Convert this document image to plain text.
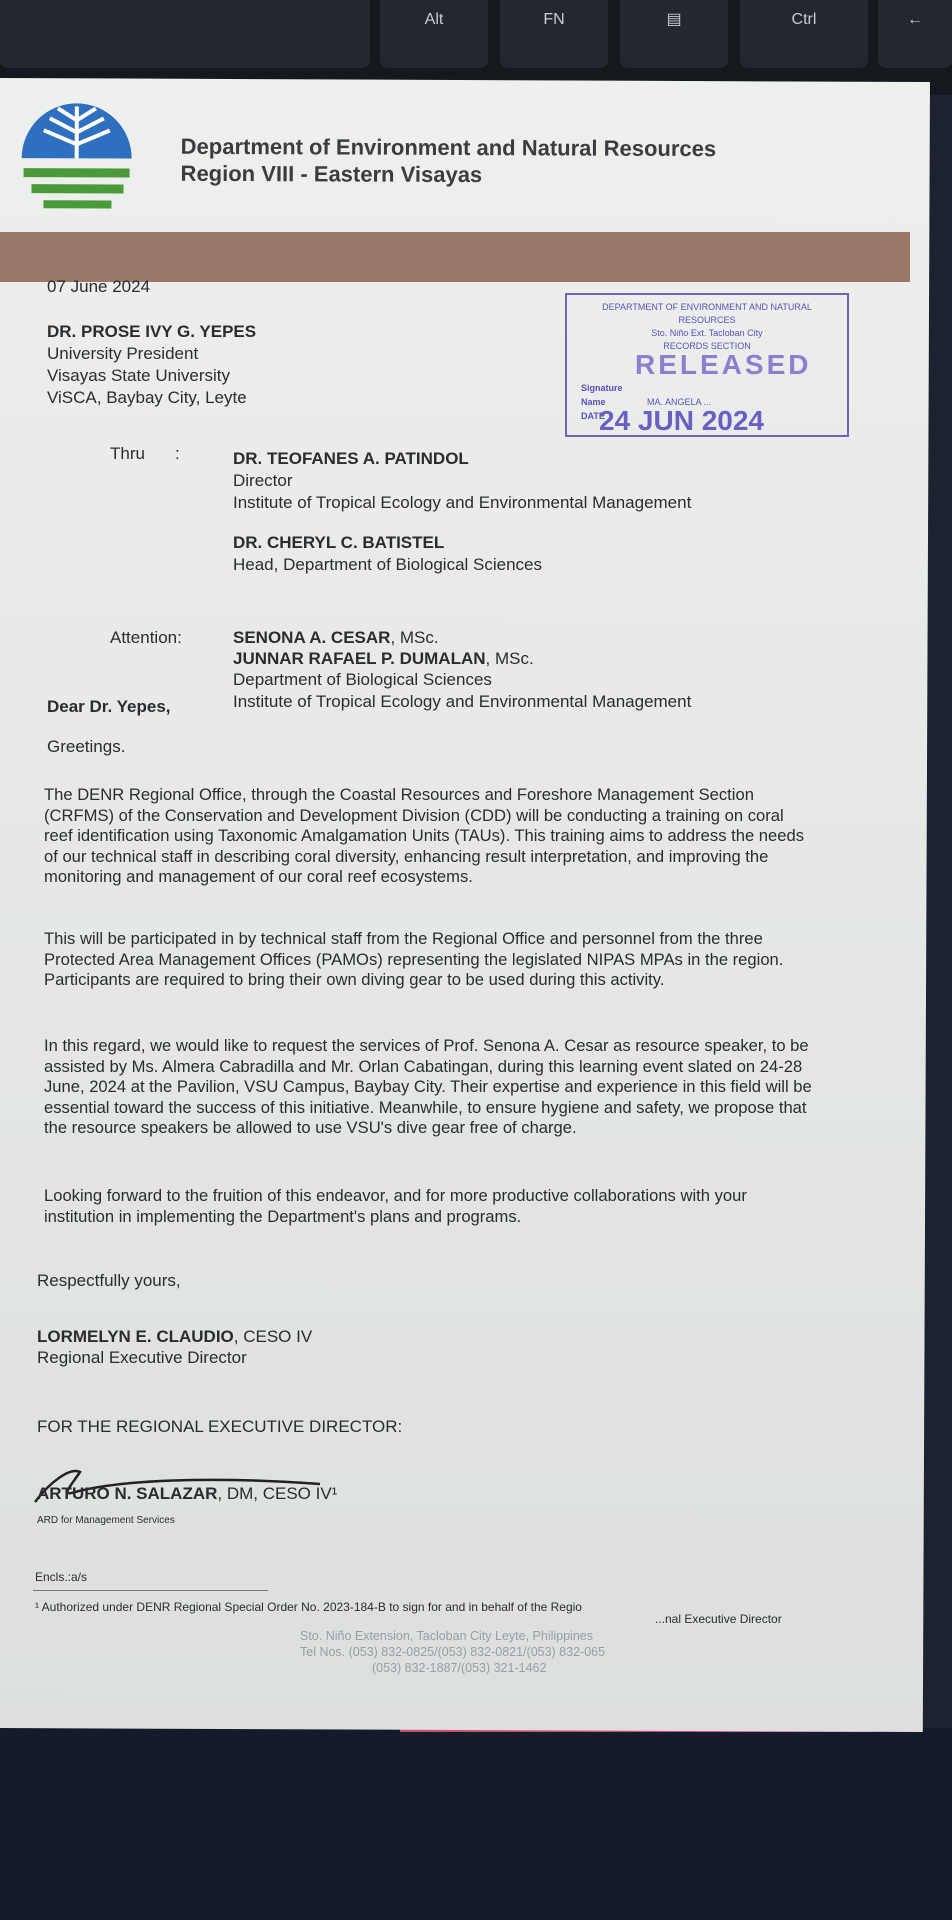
Alt	FN	▤	Ctrl	←
Department of Environment and Natural Resources
Region VIII - Eastern Visayas
07 June 2024
DR. PROSE IVY G. YEPES
University President
Visayas State University
ViSCA, Baybay City, Leyte
DEPARTMENT OF ENVIRONMENT AND NATURAL RESOURCES
Sto. Niño Ext. Tacloban City
RECORDS SECTION
RELEASED
Signature
Name	MA. ANGELA ...
DATE
24 JUN 2024
Thru :	DR. TEOFANES A. PATINDOL
Director
Institute of Tropical Ecology and Environmental Management
DR. CHERYL C. BATISTEL
Head, Department of Biological Sciences
Attention:	SENONA A. CESAR, MSc.
JUNNAR RAFAEL P. DUMALAN, MSc.
Department of Biological Sciences
Institute of Tropical Ecology and Environmental Management
Dear Dr. Yepes,
Greetings.
The DENR Regional Office, through the Coastal Resources and Foreshore Management Section (CRFMS) of the Conservation and Development Division (CDD) will be conducting a training on coral reef identification using Taxonomic Amalgamation Units (TAUs). This training aims to address the needs of our technical staff in describing coral diversity, enhancing result interpretation, and improving the monitoring and management of our coral reef ecosystems.
This will be participated in by technical staff from the Regional Office and personnel from the three Protected Area Management Offices (PAMOs) representing the legislated NIPAS MPAs in the region. Participants are required to bring their own diving gear to be used during this activity.
In this regard, we would like to request the services of Prof. Senona A. Cesar as resource speaker, to be assisted by Ms. Almera Cabradilla and Mr. Orlan Cabatingan, during this learning event slated on 24-28 June, 2024 at the Pavilion, VSU Campus, Baybay City. Their expertise and experience in this field will be essential toward the success of this initiative. Meanwhile, to ensure hygiene and safety, we propose that the resource speakers be allowed to use VSU's dive gear free of charge.
Looking forward to the fruition of this endeavor, and for more productive collaborations with your institution in implementing the Department's plans and programs.
Respectfully yours,
LORMELYN E. CLAUDIO, CESO IV
Regional Executive Director
FOR THE REGIONAL EXECUTIVE DIRECTOR:
ARTURO N. SALAZAR, DM, CESO IV¹
ARD for Management Services
Encls.:a/s
¹ Authorized under DENR Regional Special Order No. 2023-184-B to sign for and in behalf of the Regio
...nal Executive Director
Sto. Niño Extension, Tacloban City Leyte, Philippines
Tel Nos. (053) 832-0825/(053) 832-0821/(053) 832-065
(053) 832-1887/(053) 321-1462
